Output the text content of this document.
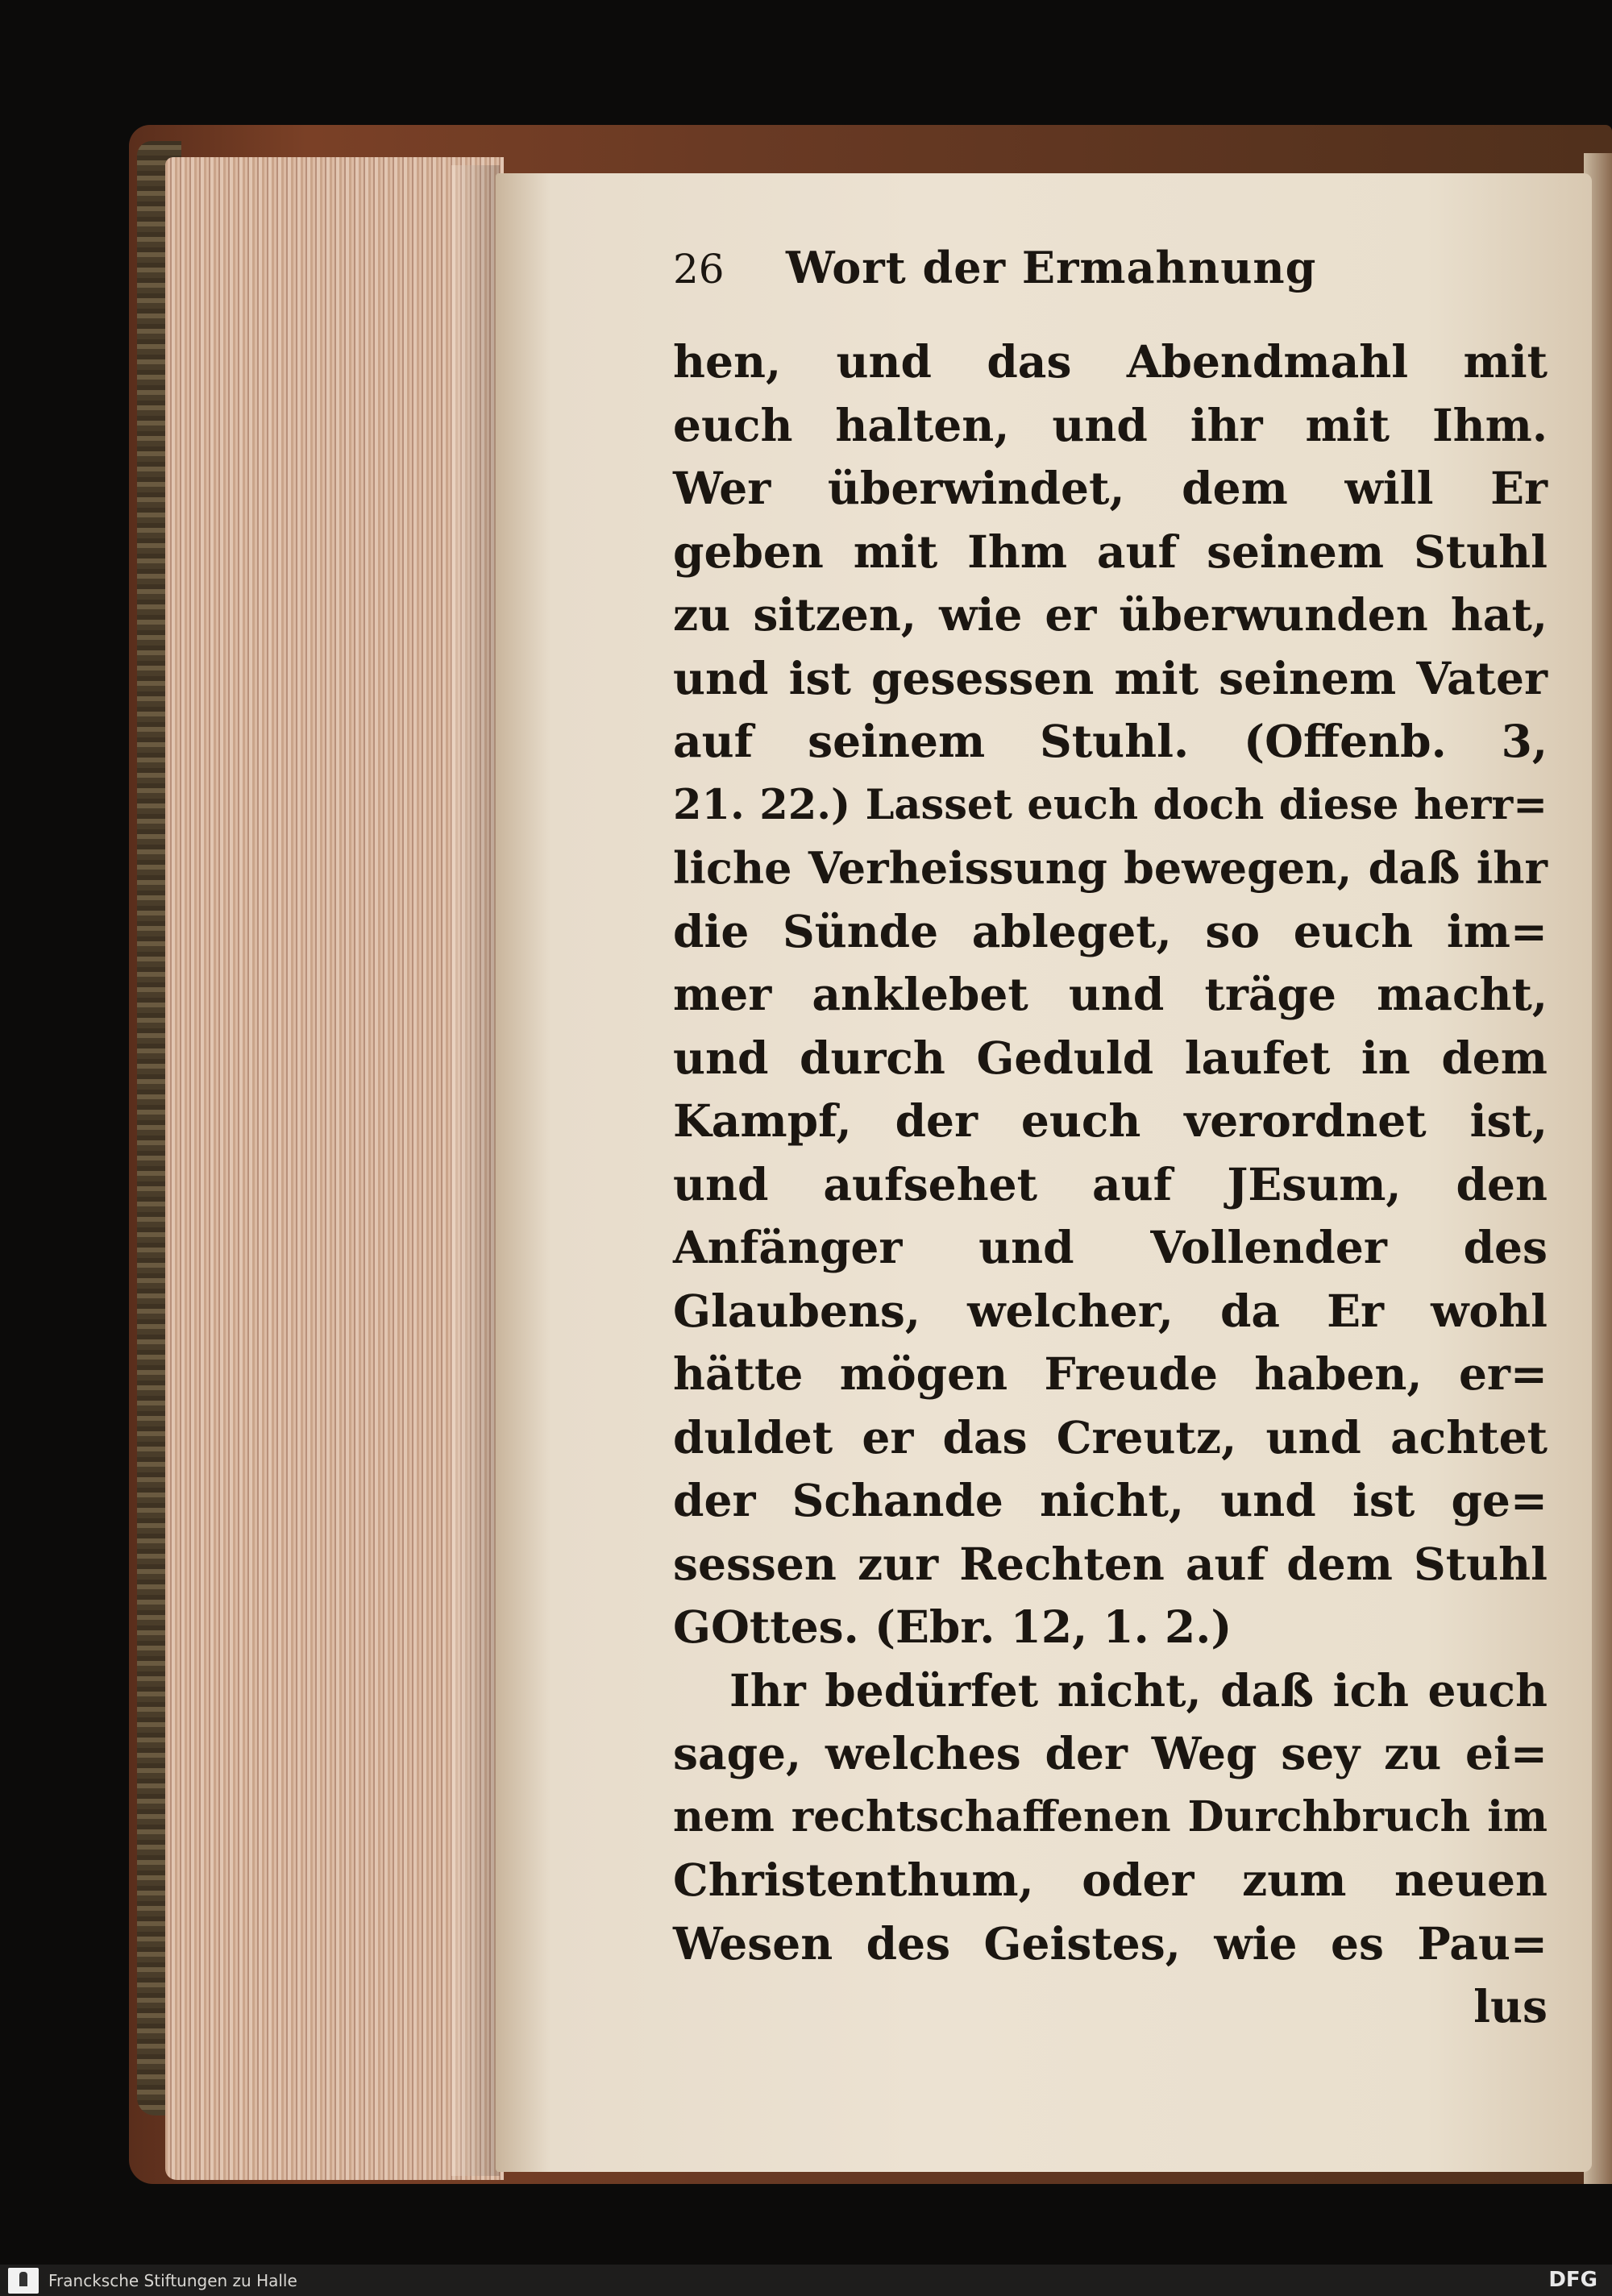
26	Wort der Ermahnung
hen, und das Abendmahl mit
euch halten, und ihr mit Ihm.
Wer überwindet, dem will Er
geben mit Ihm auf seinem Stuhl
zu sitzen, wie er überwunden hat,
und ist gesessen mit seinem Vater
auf seinem Stuhl. (Offenb. 3,
21. 22.) Lasset euch doch diese herr=
liche Verheissung bewegen, daß ihr
die Sünde ableget, so euch im=
mer anklebet und träge macht,
und durch Geduld laufet in dem
Kampf, der euch verordnet ist,
und aufsehet auf JEsum, den
Anfänger und Vollender des
Glaubens, welcher, da Er wohl
hätte mögen Freude haben, er=
duldet er das Creutz, und achtet
der Schande nicht, und ist ge=
sessen zur Rechten auf dem Stuhl
GOttes. (Ebr. 12, 1. 2.)
Ihr bedürfet nicht, daß ich euch
sage, welches der Weg sey zu ei=
nem rechtschaffenen Durchbruch im
Christenthum, oder zum neuen
Wesen des Geistes, wie es Pau=
lus
Francksche Stiftungen zu Halle	DFG
